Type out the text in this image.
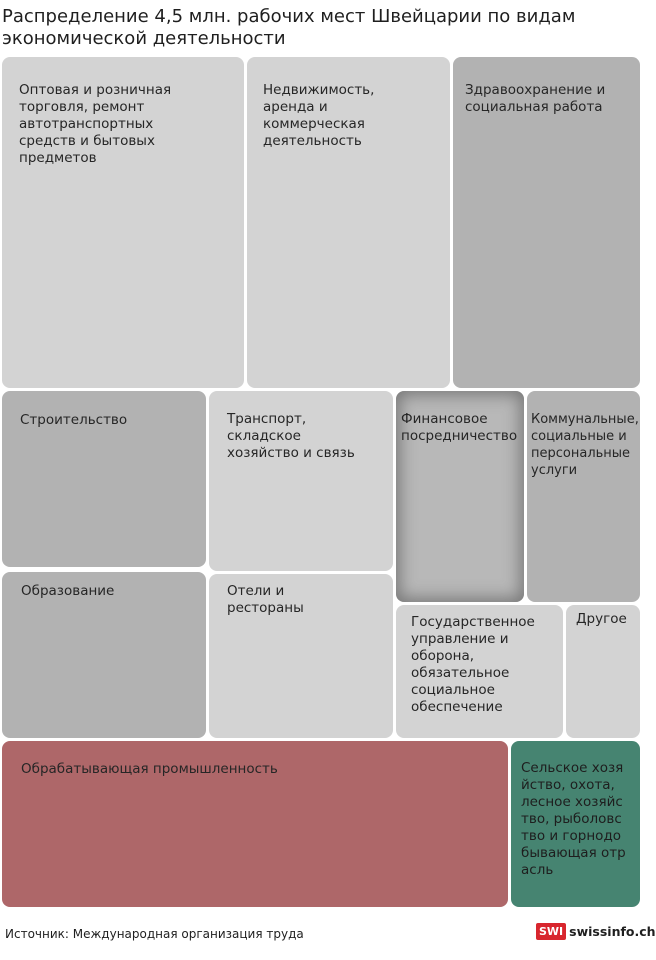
Распределение 4,5 млн. рабочих мест Швейцарии по видам экономической деятельности
Оптовая и розничная торговля, ремонт автотранспортных средств и бытовых предметов
Недвижимость, аренда и коммерческая деятельность
Здравоохранение и социальная работа
Строительство	Транспорт, складское хозяйство и связь
Финансовое посредничество
Коммунальные, социальные и персональные услуги
Образование	Отели и рестораны
Государственное управление и оборона, обязательное социальное обеспечение
Другое
Обрабатывающая промышленность	Сельское хозяйство, охота, лесное хозяйство, рыболовство и горнодобывающая отрасль
Источник: Международная организация труда	SWI swissinfo.ch
